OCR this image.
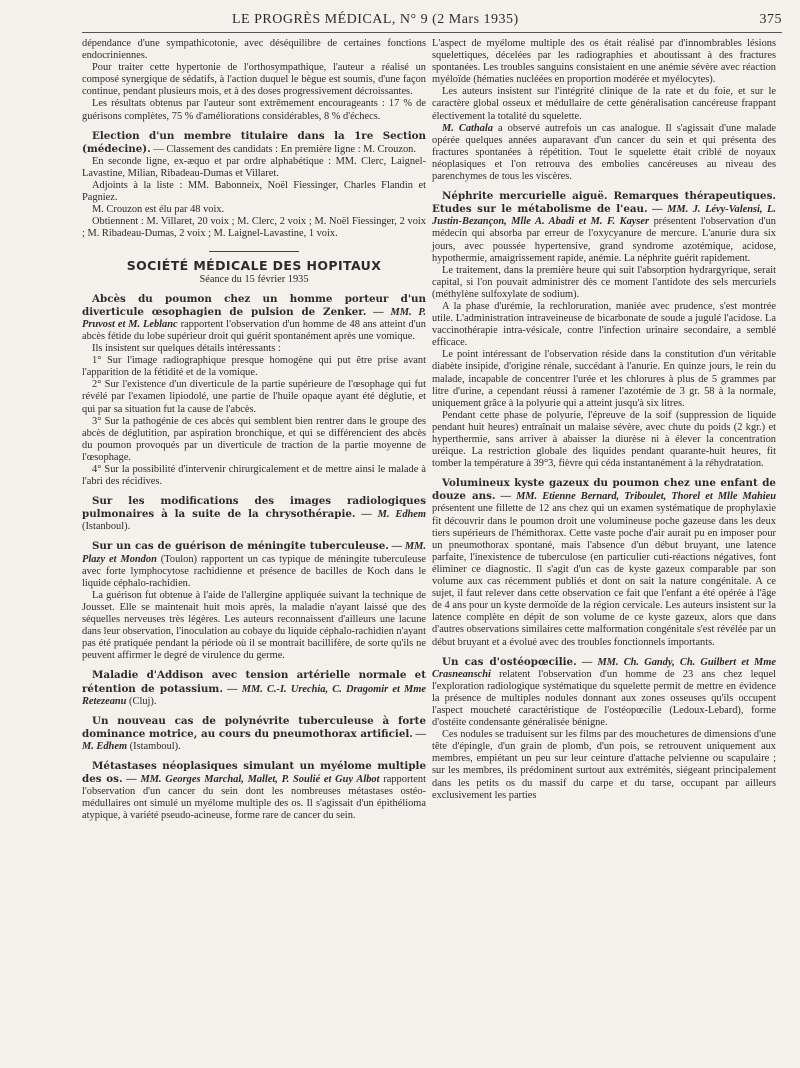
LE PROGRÈS MÉDICAL, N° 9 (2 Mars 1935)	375

dépendance d'une sympathicotonie, avec déséquilibre de certaines fonctions endocriniennes.

Pour traiter cette hypertonie de l'orthosympathique, l'auteur a réalisé un composé synergique de sédatifs, à l'action duquel le bègue est soumis, d'une façon continue, pendant plusieurs mois, et à des doses progressivement décroissantes.

Les résultats obtenus par l'auteur sont extrêmement encourageants : 17 % de guérisons complètes, 75 % d'améliorations considérables, 8 % d'échecs.

Election d'un membre titulaire dans la 1re Section (médecine). — Classement des candidats : En première ligne : M. Crouzon.

En seconde ligne, ex-æquo et par ordre alphabétique : MM. Clerc, Laignel-Lavastine, Milian, Ribadeau-Dumas et Villaret.

Adjoints à la liste : MM. Babonneix, Noël Fiessinger, Charles Flandin et Pagniez.

M. Crouzon est élu par 48 voix.

Obtiennent : M. Villaret, 20 voix ; M. Clerc, 2 voix ; M. Noël Fiessinger, 2 voix ; M. Ribadeau-Dumas, 2 voix ; M. Laignel-Lavastine, 1 voix.

SOCIÉTÉ MÉDICALE DES HOPITAUX
Séance du 15 février 1935

Abcès du poumon chez un homme porteur d'un diverticule œsophagien de pulsion de Zenker. — MM. P. Pruvost et M. Leblanc rapportent l'observation d'un homme de 48 ans atteint d'un abcès fétide du lobe supérieur droit qui guérit spontanément après une vomique.

Ils insistent sur quelques détails intéressants :

1° Sur l'image radiographique presque homogène qui put être prise avant l'apparition de la fétidité et de la vomique.

2° Sur l'existence d'un diverticule de la partie supérieure de l'œsophage qui fut révélé par l'examen lipiodolé, une partie de l'huile opaque ayant été déglutie, et qui par sa situation fut la cause de l'abcès.

3° Sur la pathogénie de ces abcès qui semblent bien rentrer dans le groupe des abcès de déglutition, par aspiration bronchique, et qui se différencient des abcès du poumon provoqués par un diverticule de traction de la partie moyenne de l'œsophage.

4° Sur la possibilité d'intervenir chirurgicalement et de mettre ainsi le malade à l'abri des récidives.

Sur les modifications des images radiologiques pulmonaires à la suite de la chrysothérapie. — M. Edhem (Istanboul).

Sur un cas de guérison de méningite tuberculeuse. — MM. Plazy et Mondon (Toulon) rapportent un cas typique de méningite tuberculeuse avec forte lymphocytose rachidienne et présence de bacilles de Koch dans le liquide céphalo-rachidien.

La guérison fut obtenue à l'aide de l'allergine appliquée suivant la technique de Jousset. Elle se maintenait huit mois après, la maladie n'ayant laissé que des séquelles nerveuses très légères. Les auteurs reconnaissent d'ailleurs une lacune dans leur observation, l'inoculation au cobaye du liquide céphalo-rachidien n'ayant pas été pratiquée pendant la période où il se montrait bacillifère, de sorte qu'ils ne peuvent affirmer le degré de virulence du germe.

Maladie d'Addison avec tension artérielle normale et rétention de potassium. — MM. C.-I. Urechia, C. Dragomir et Mme Retezeanu (Cluj).

Un nouveau cas de polynévrite tuberculeuse à forte dominance motrice, au cours du pneumothorax artificiel. — M. Edhem (Istamboul).

Métastases néoplasiques simulant un myélome multiple des os. — MM. Georges Marchal, Mallet, P. Soulié et Guy Albot rapportent l'observation d'un cancer du sein dont les nombreuses métastases ostéo-médullaires ont simulé un myélome multiple des os. Il s'agissait d'un épithélioma atypique, à variété pseudo-acineuse, forme rare de cancer du sein.

L'aspect de myélome multiple des os était réalisé par d'innombrables lésions squelettiques, décelées par les radiographies et aboutissant à des fractures spontanées. Les troubles sanguins consistaient en une anémie sévère avec réaction myéloïde (hématies nucléées en proportion modérée et myélocytes).

Les auteurs insistent sur l'intégrité clinique de la rate et du foie, et sur le caractère global osseux et médullaire de cette généralisation cancéreuse frappant électivement la totalité du squelette.

M. Cathala a observé autrefois un cas analogue. Il s'agissait d'une malade opérée quelques années auparavant d'un cancer du sein et qui présenta des fractures spontanées à répétition. Tout le squelette était criblé de noyaux néoplasiques et l'on retrouva des embolies cancéreuses au niveau des parenchymes de tous les viscères.

Néphrite mercurielle aiguë. Remarques thérapeutiques. Etudes sur le métabolisme de l'eau. — MM. J. Lévy-Valensi, L. Justin-Bezançon, Mlle A. Abadi et M. F. Kayser présentent l'observation d'un médecin qui absorba par erreur de l'oxycyanure de mercure. L'anurie dura six jours, avec poussée hypertensive, grand syndrome azotémique, acidose, hypothermie, amaigrissement rapide, anémie. La néphrite guérit rapidement.

Le traitement, dans la première heure qui suit l'absorption hydrargyrique, serait capital, si l'on pouvait administrer dès ce moment l'antidote des sels mercuriels (méthylène sulfoxylate de sodium).

A la phase d'urémie, la rechloruration, maniée avec prudence, s'est montrée utile. L'administration intraveineuse de bicarbonate de soude a jugulé l'acidose. La vaccinothérapie intra-vésicale, contre l'infection urinaire secondaire, a semblé efficace.

Le point intéressant de l'observation réside dans la constitution d'un véritable diabète insipide, d'origine rénale, succédant à l'anurie. En quinze jours, le rein du malade, incapable de concentrer l'urée et les chlorures à plus de 5 grammes par litre d'urine, a cependant réussi à ramener l'azotémie de 3 gr. 58 à la normale, uniquement grâce à la polyurie qui a atteint jusqu'à six litres.

Pendant cette phase de polyurie, l'épreuve de la soif (suppression de liquide pendant huit heures) entraînait un malaise sévère, avec chute du poids (2 kgr.) et hyperthermie, sans arriver à abaisser la diurèse ni à élever la concentration uréique. La restriction globale des liquides pendant quarante-huit heures, fit tomber la température à 39°3, fièvre qui céda instantanément à la réhydratation.

Volumineux kyste gazeux du poumon chez une enfant de douze ans. — MM. Etienne Bernard, Triboulet, Thorel et Mlle Mahieu présentent une fillette de 12 ans chez qui un examen systématique de prophylaxie fit découvrir dans le poumon droit une volumineuse poche gazeuse dans les deux tiers supérieurs de l'hémithorax. Cette vaste poche d'air aurait pu en imposer pour un pneumothorax spontané, mais l'absence d'un début bruyant, une latence parfaite, l'inexistence de tuberculose (en particulier cuti-réactions négatives, font éliminer ce diagnostic. Il s'agit d'un cas de kyste gazeux comparable par son volume aux cas récemment publiés et dont on sait la nature congénitale. A ce sujet, il faut relever dans cette observation ce fait que l'enfant a été opérée à l'âge de 4 ans pour un kyste dermoïde de la région cervicale. Les auteurs insistent sur la latence complète en dépit de son volume de ce kyste gazeux, alors que dans d'autres observations similaires cette malformation congénitale s'est révélée par un début bruyant et a évolué avec des troubles fonctionnels importants.

Un cas d'ostéopœcilie. — MM. Ch. Gandy, Ch. Guilbert et Mme Crasneanschi relatent l'observation d'un homme de 23 ans chez lequel l'exploration radiologique systématique du squelette permit de mettre en évidence la présence de multiples nodules donnant aux zones osseuses qu'ils occupent l'aspect moucheté caractéristique de l'ostéopœcilie (Ledoux-Lebard), forme d'ostéite condensante généralisée bénigne.

Ces nodules se traduisent sur les films par des mouchetures de dimensions d'une tête d'épingle, d'un grain de plomb, d'un pois, se retrouvent uniquement aux membres, empiétant un peu sur leur ceinture d'attache pelvienne ou scapulaire ; sur les membres, ils prédominent surtout aux extrémités, siégeant principalement dans les petits os du massif du carpe et du tarse, occupant par ailleurs exclusivement les parties
